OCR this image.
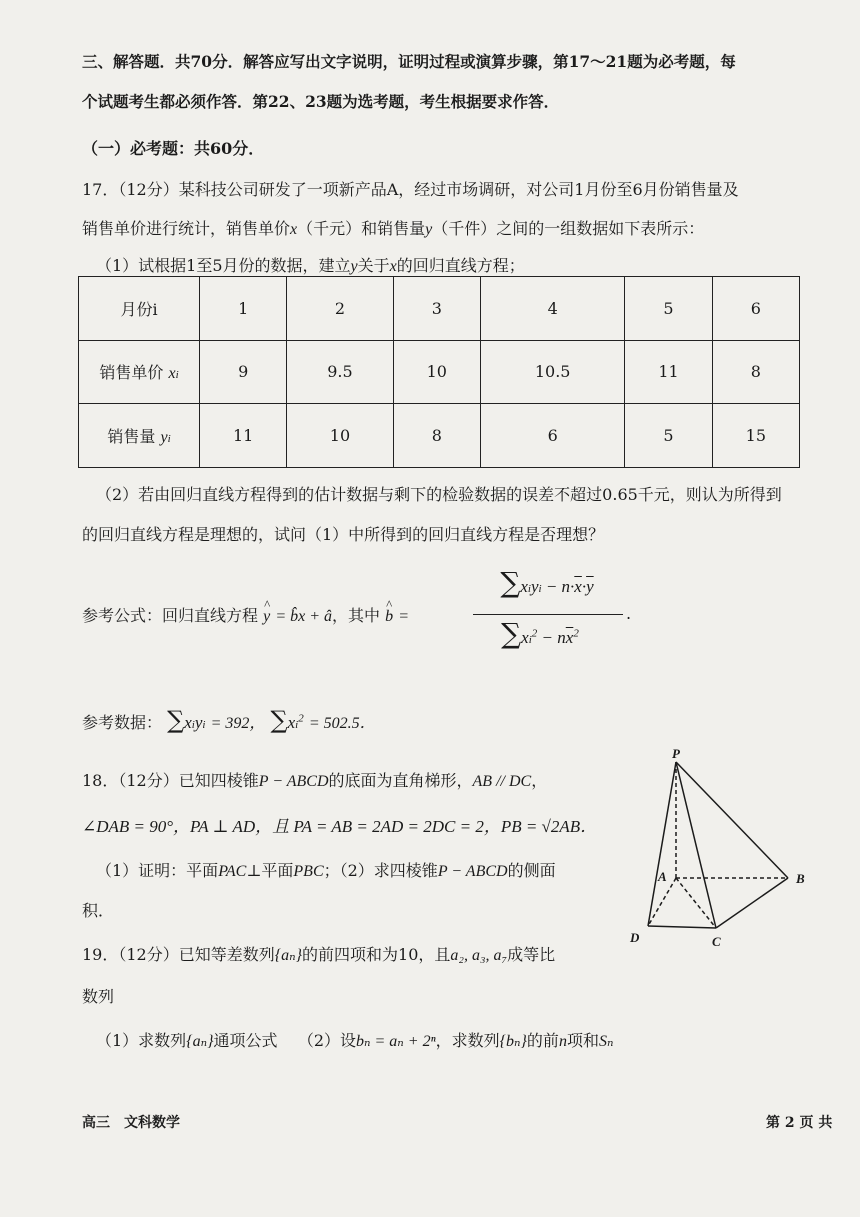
三、解答题．共70分．解答应写出文字说明，证明过程或演算步骤，第17～21题为必考题，每
个试题考生都必须作答．第22、23题为选考题，考生根据要求作答．
（一）必考题：共60分．
17．（12分）某科技公司研发了一项新产品A，经过市场调研，对公司1月份至6月份销售量及
销售单价进行统计，销售单价x（千元）和销售量y（千件）之间的一组数据如下表所示：
（1）试根据1至5月份的数据，建立y关于x的回归直线方程；
月份i	1	2	3	4	5	6
销售单价 xi	9	9.5	10	10.5	11	8
销售量 yi	11	10	8	6	5	15
（2）若由回归直线方程得到的估计数据与剩下的检验数据的误差不超过0.65千元，则认为所得到
的回归直线方程是理想的，试问（1）中所得到的回归直线方程是否理想？
参考公式：回归直线方程 ^ y = b̂x + â，其中 ^ b =
∑xiyi − $n\cdot\overline{x}\cdot\overline{y}$
$\sum xi^2 - n\overline{x}^2$
.
参考数据： ∑xiyi = 392， $\sum xi^2 = 502.5$．
18．（12分）已知四棱锥P − ABCD的底面为直角梯形，AB // DC，
∠DAB = 90°，PA ⊥ AD，且 PA = AB = 2AD = 2DC = 2，PB = √2AB．
（1）证明：平面PAC⊥平面PBC；（2）求四棱锥P − ABCD的侧面
积．
P
A	B
C
D
19．（12分）已知等差数列{aₙ}的前四项和为10，且a₂, a₃, a₇成等比
数列
（1）求数列{aₙ}通项公式 （2）设bₙ = aₙ + 2ⁿ，求数列{bₙ}的前n项和Sₙ
高三　文科数学	第 2 页 共
